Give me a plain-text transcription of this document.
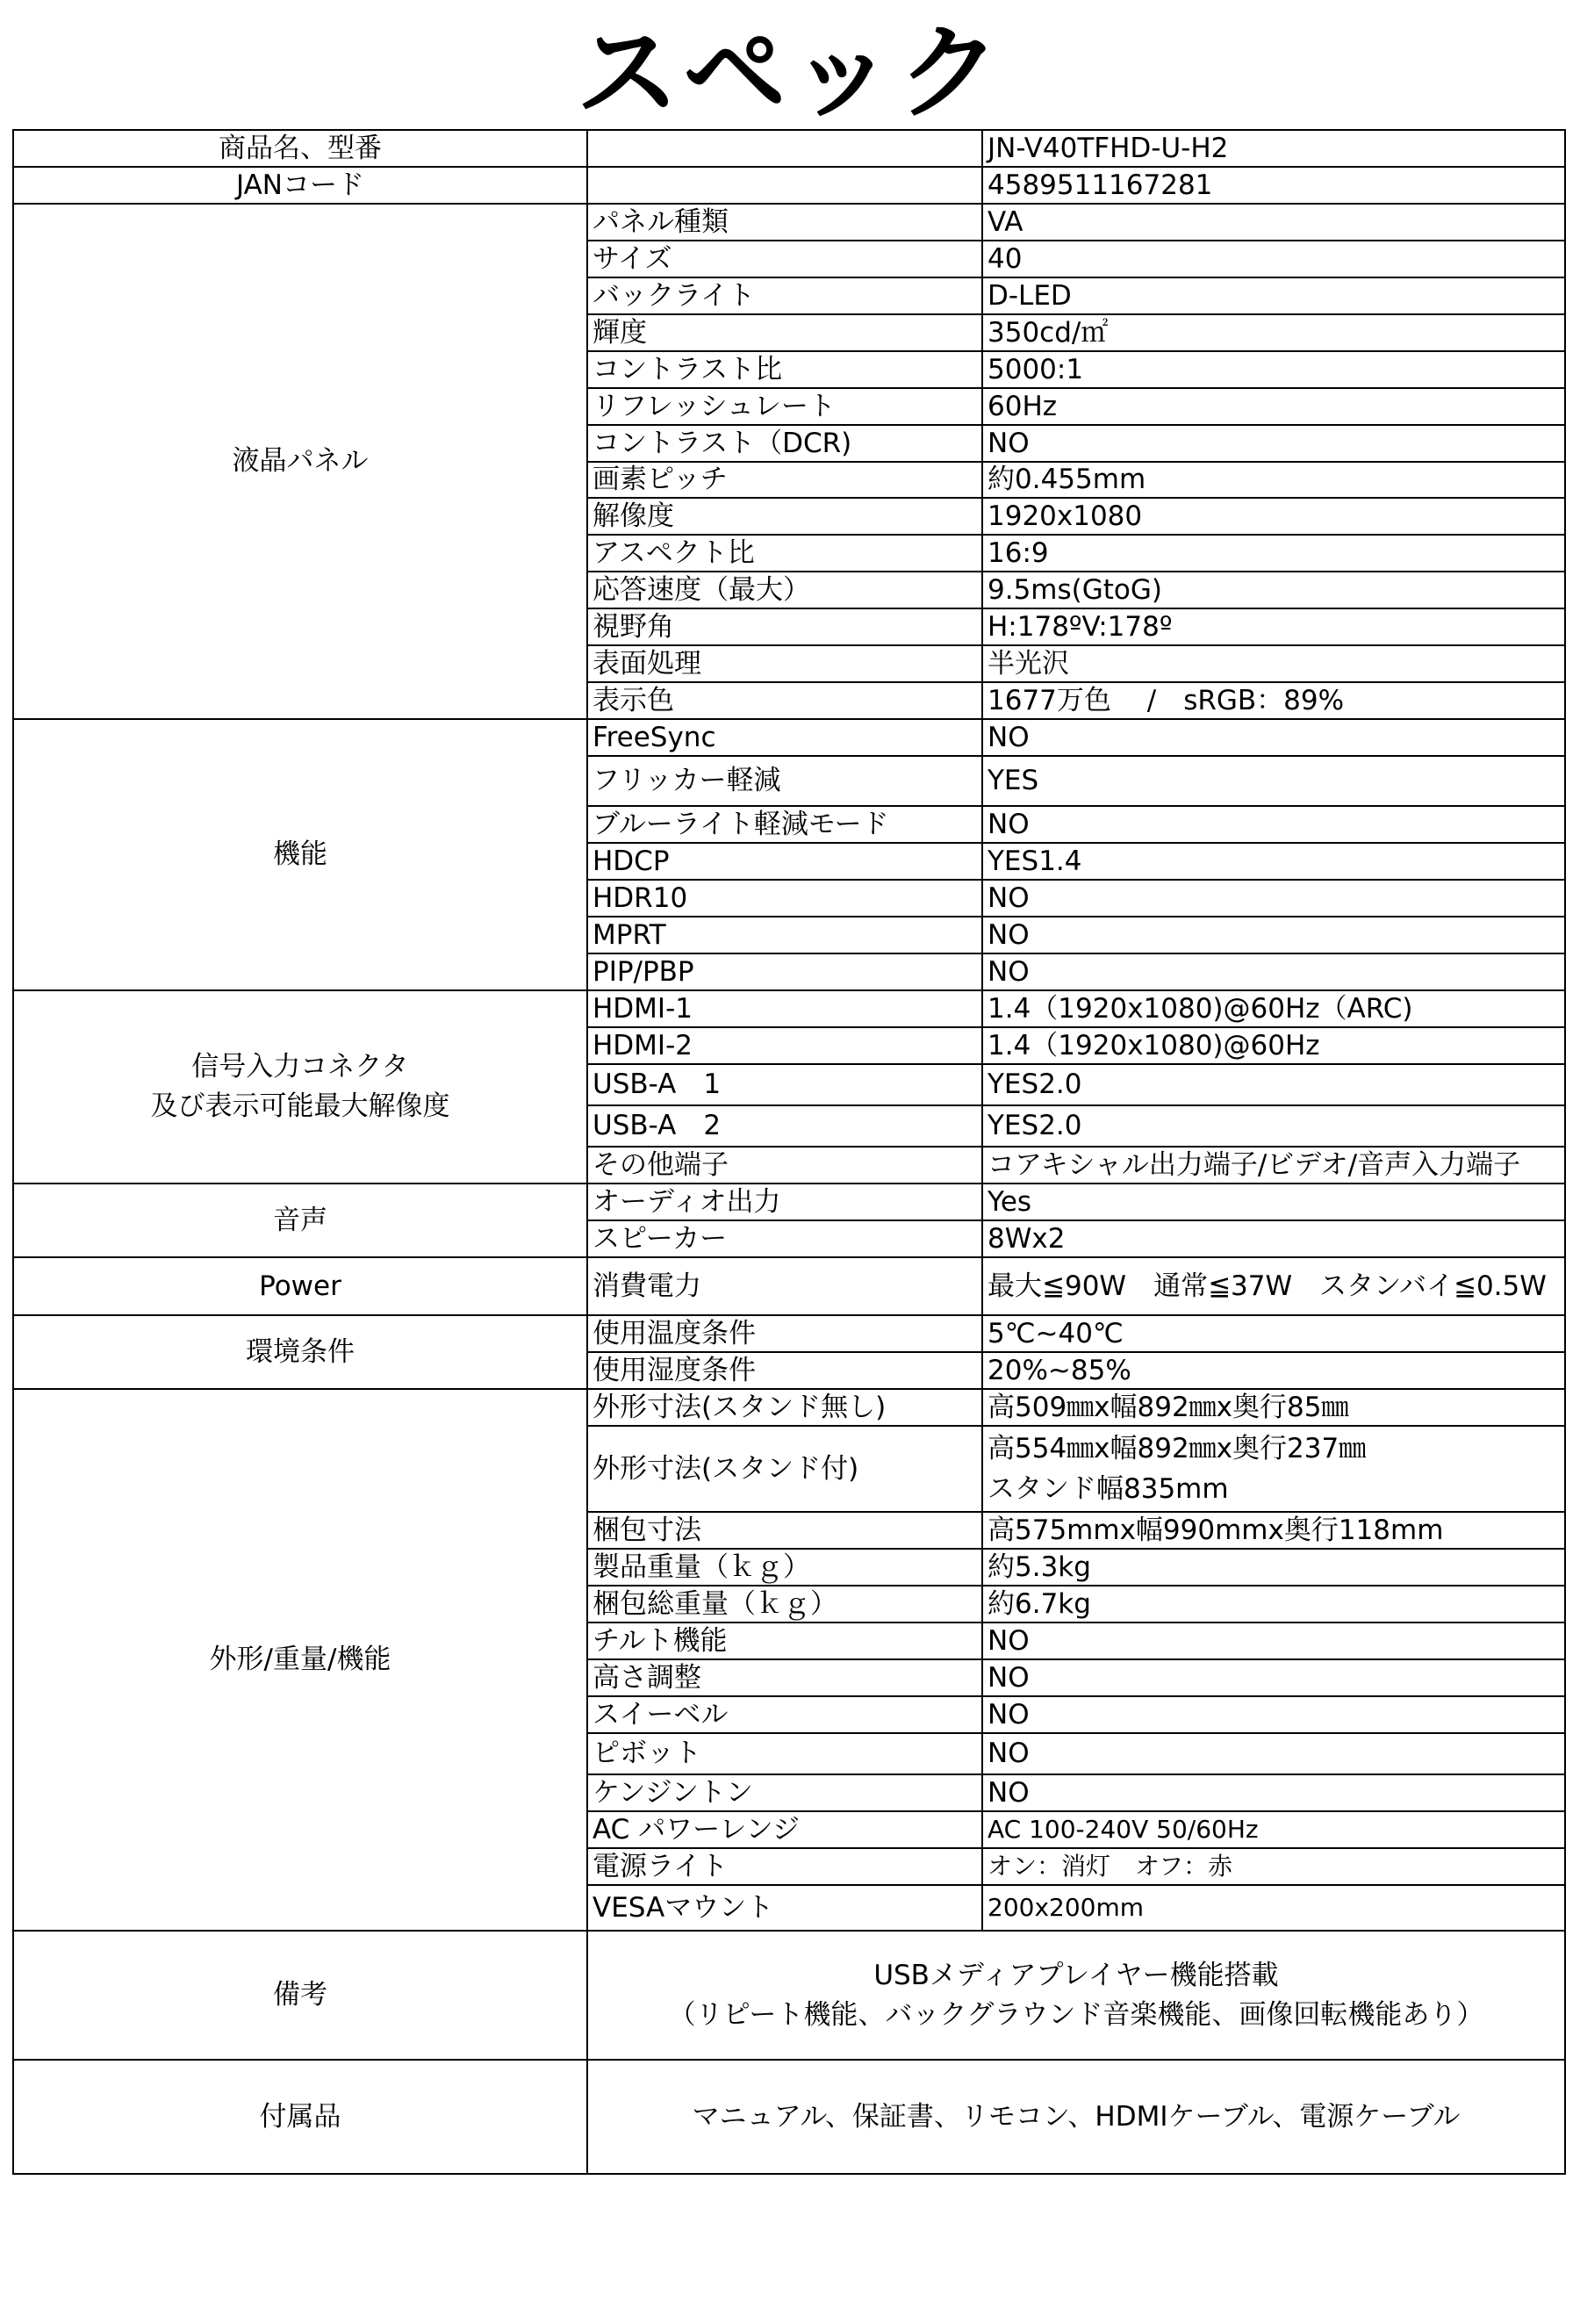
スペック
商品名、型番		JN-V40TFHD-U-H2
JANコード		4589511167281
液晶パネル	パネル種類	VA
	サイズ	40
	バックライト	D-LED
	輝度	350cd/㎡
	コントラスト比	5000:1
	リフレッシュレート	60Hz
	コントラスト（DCR)	NO
	画素ピッチ	約0.455mm
	解像度	1920x1080
	アスペクト比	16:9
	応答速度（最大）	9.5ms(GtoG)
	視野角	H:178ºV:178º
	表面処理	半光沢
	表示色	1677万色　 /　sRGB：89%
機能	FreeSync	NO
	フリッカー軽減	YES
	ブルーライト軽減モード	NO
	HDCP	YES1.4
	HDR10	NO
	MPRT	NO
	PIP/PBP	NO

信号入力コネクタ
及び表示可能最大解像度	HDMI-1	1.4（1920x1080)@60Hz（ARC)
	HDMI-2	1.4（1920x1080)@60Hz
	USB-A　1	YES2.0
	USB-A　2	YES2.0
	その他端子	コアキシャル出力端子/ビデオ/音声入力端子
音声	オーディオ出力	Yes
	スピーカー	8Wx2
Power	消費電力	最大≦90W　通常≦37W　スタンバイ≦0.5W
環境条件	使用温度条件	5℃~40℃
	使用湿度条件	20%~85%
外形/重量/機能	外形寸法(スタンド無し)	高509㎜x幅892㎜x奥行85㎜
	外形寸法(スタンド付)	高554㎜x幅892㎜x奥行237㎜
スタンド幅835mm

	梱包寸法	高575mmx幅990mmx奥行118mm
	製品重量（ｋｇ）	約5.3kg
	梱包総重量（ｋｇ）	約6.7kg
	チルト機能	NO
	高さ調整	NO
	スイーベル	NO
	ピボット	NO
	ケンジントン	NO
	AC パワーレンジ	AC 100-240V 50/60Hz
	電源ライト	オン：消灯　オフ：赤
	VESAマウント	200x200mm
備考	USBメディアプレイヤー機能搭載
（リピート機能、バックグラウンド音楽機能、画像回転機能あり）	

付属品	マニュアル、保証書、リモコン、HDMIケーブル、電源ケーブル	
